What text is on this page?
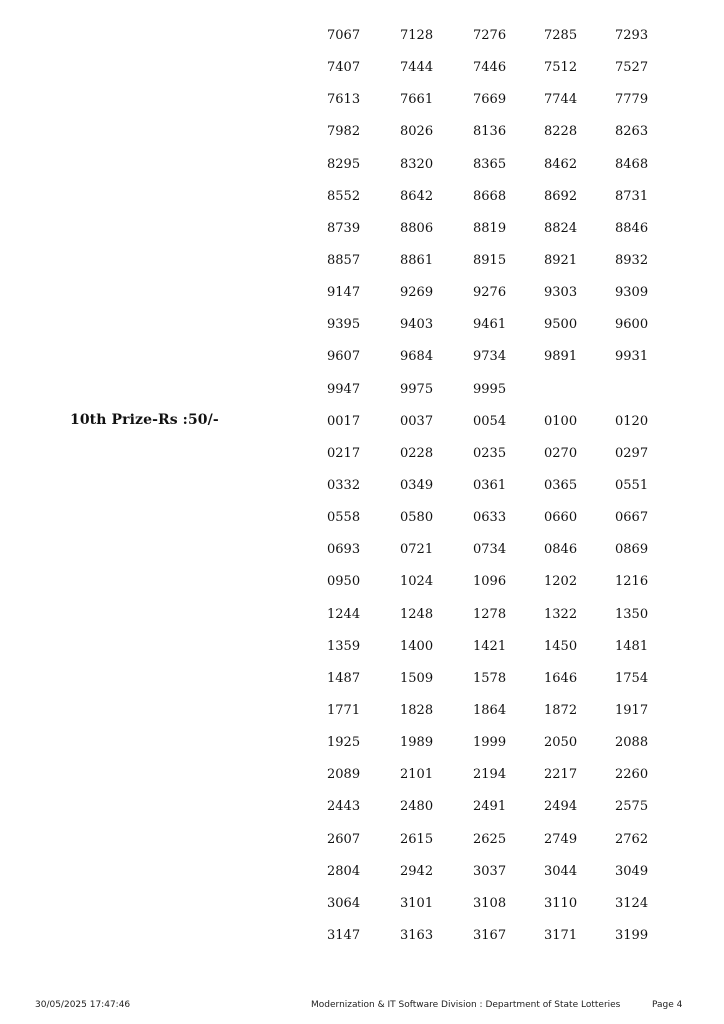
10th Prize-Rs :50/-
7067	7128	7276	7285	7293
7407	7444	7446	7512	7527
7613	7661	7669	7744	7779
7982	8026	8136	8228	8263
8295	8320	8365	8462	8468
8552	8642	8668	8692	8731
8739	8806	8819	8824	8846
8857	8861	8915	8921	8932
9147	9269	9276	9303	9309
9395	9403	9461	9500	9600
9607	9684	9734	9891	9931
9947	9975	9995
0017	0037	0054	0100	0120
0217	0228	0235	0270	0297
0332	0349	0361	0365	0551
0558	0580	0633	0660	0667
0693	0721	0734	0846	0869
0950	1024	1096	1202	1216
1244	1248	1278	1322	1350
1359	1400	1421	1450	1481
1487	1509	1578	1646	1754
1771	1828	1864	1872	1917
1925	1989	1999	2050	2088
2089	2101	2194	2217	2260
2443	2480	2491	2494	2575
2607	2615	2625	2749	2762
2804	2942	3037	3044	3049
3064	3101	3108	3110	3124
3147	3163	3167	3171	3199
30/05/2025 17:47:46	Modernization & IT Software Division : Department of State Lotteries	Page 4
